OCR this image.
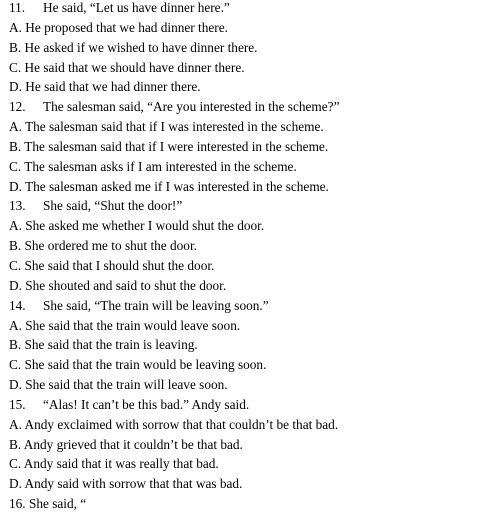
11. He said, “Let us have dinner here.”
A. He proposed that we had dinner there.
B. He asked if we wished to have dinner there.
C. He said that we should have dinner there.
D. He said that we had dinner there.
12. The salesman said, “Are you interested in the scheme?”
A. The salesman said that if I was interested in the scheme.
B. The salesman said that if I were interested in the scheme.
C. The salesman asks if I am interested in the scheme.
D. The salesman asked me if I was interested in the scheme.
13. She said, “Shut the door!”
A. She asked me whether I would shut the door.
B. She ordered me to shut the door.
C. She said that I should shut the door.
D. She shouted and said to shut the door.
14. She said, “The train will be leaving soon.”
A. She said that the train would leave soon.
B. She said that the train is leaving.
C. She said that the train would be leaving soon.
D. She said that the train will leave soon.
15. “Alas! It can’t be this bad.” Andy said.
A. Andy exclaimed with sorrow that that couldn’t be that bad.
B. Andy grieved that it couldn’t be that bad.
C. Andy said that it was really that bad.
D. Andy said with sorrow that that was bad.
16. She said, “
